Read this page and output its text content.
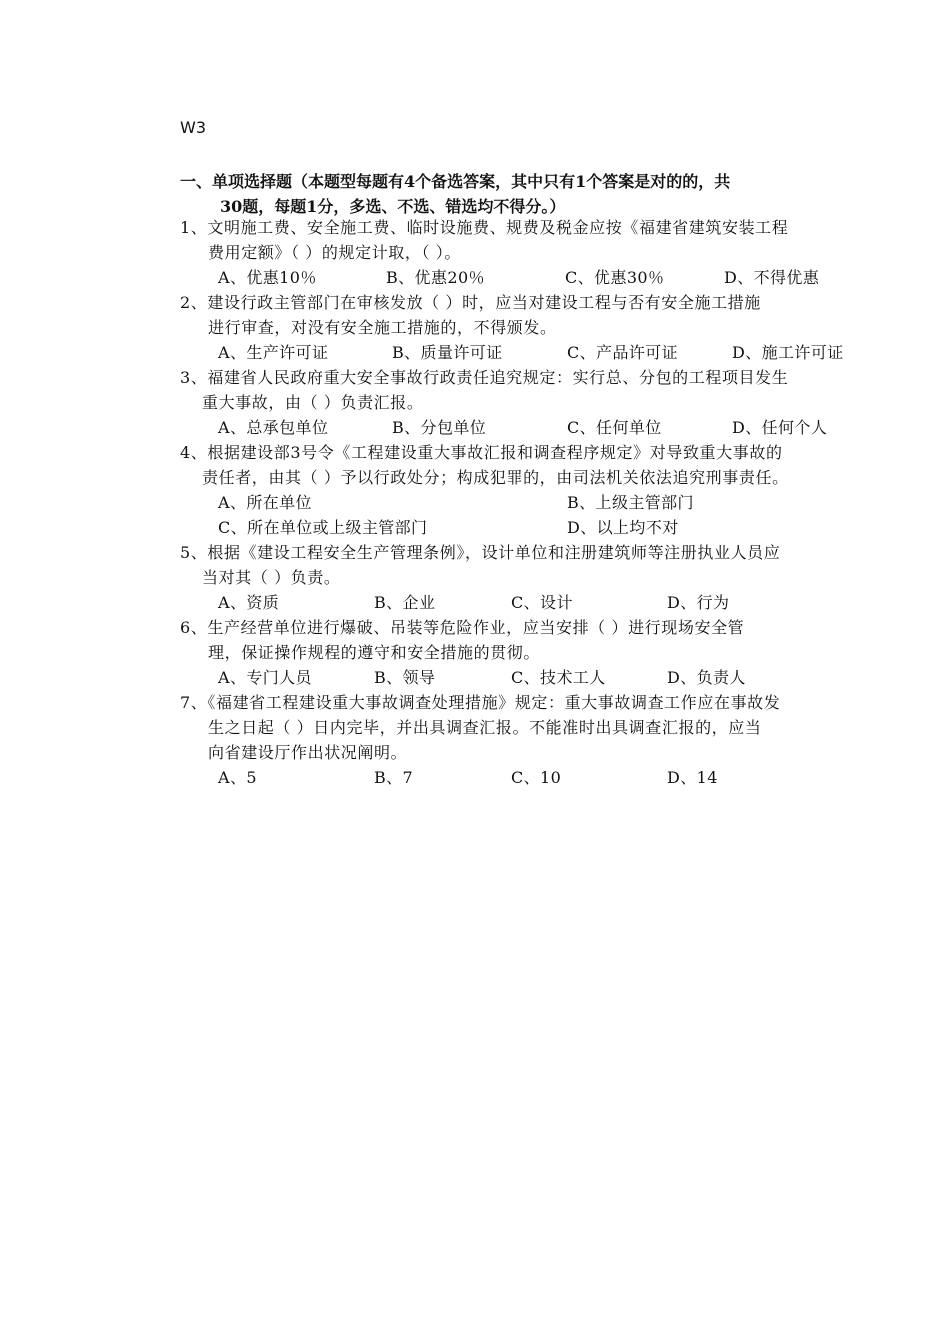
W3
一、单项选择题（本题型每题有4个备选答案，其中只有1个答案是对的的，共
30题，每题1分，多选、不选、错选均不得分。）
1、文明施工费、安全施工费、临时设施费、规费及税金应按《福建省建筑安装工程
费用定额》（ ）的规定计取，（ ）。
A、优惠10％	B、优惠20％	C、优惠30％	D、不得优惠
2、建设行政主管部门在审核发放（ ）时，应当对建设工程与否有安全施工措施
进行审查，对没有安全施工措施的，不得颁发。
A、生产许可证	B、质量许可证	C、产品许可证	D、施工许可证
3、福建省人民政府重大安全事故行政责任追究规定：实行总、分包的工程项目发生
重大事故，由（ ）负责汇报。
A、总承包单位	B、分包单位	C、任何单位	D、任何个人
4、根据建设部3号令《工程建设重大事故汇报和调查程序规定》对导致重大事故的
责任者，由其（ ）予以行政处分；构成犯罪的，由司法机关依法追究刑事责任。
A、所在单位	B、上级主管部门
C、所在单位或上级主管部门	D、以上均不对
5、根据《建设工程安全生产管理条例》，设计单位和注册建筑师等注册执业人员应
当对其（ ）负责。
A、资质	B、企业	C、设计	D、行为
6、生产经营单位进行爆破、吊装等危险作业，应当安排（ ）进行现场安全管
理，保证操作规程的遵守和安全措施的贯彻。
A、专门人员	B、领导	C、技术工人	D、负责人
7、《福建省工程建设重大事故调查处理措施》规定：重大事故调查工作应在事故发
生之日起（ ）日内完毕，并出具调查汇报。不能准时出具调查汇报的，应当
向省建设厅作出状况阐明。
A、5	B、7	C、10	D、14
